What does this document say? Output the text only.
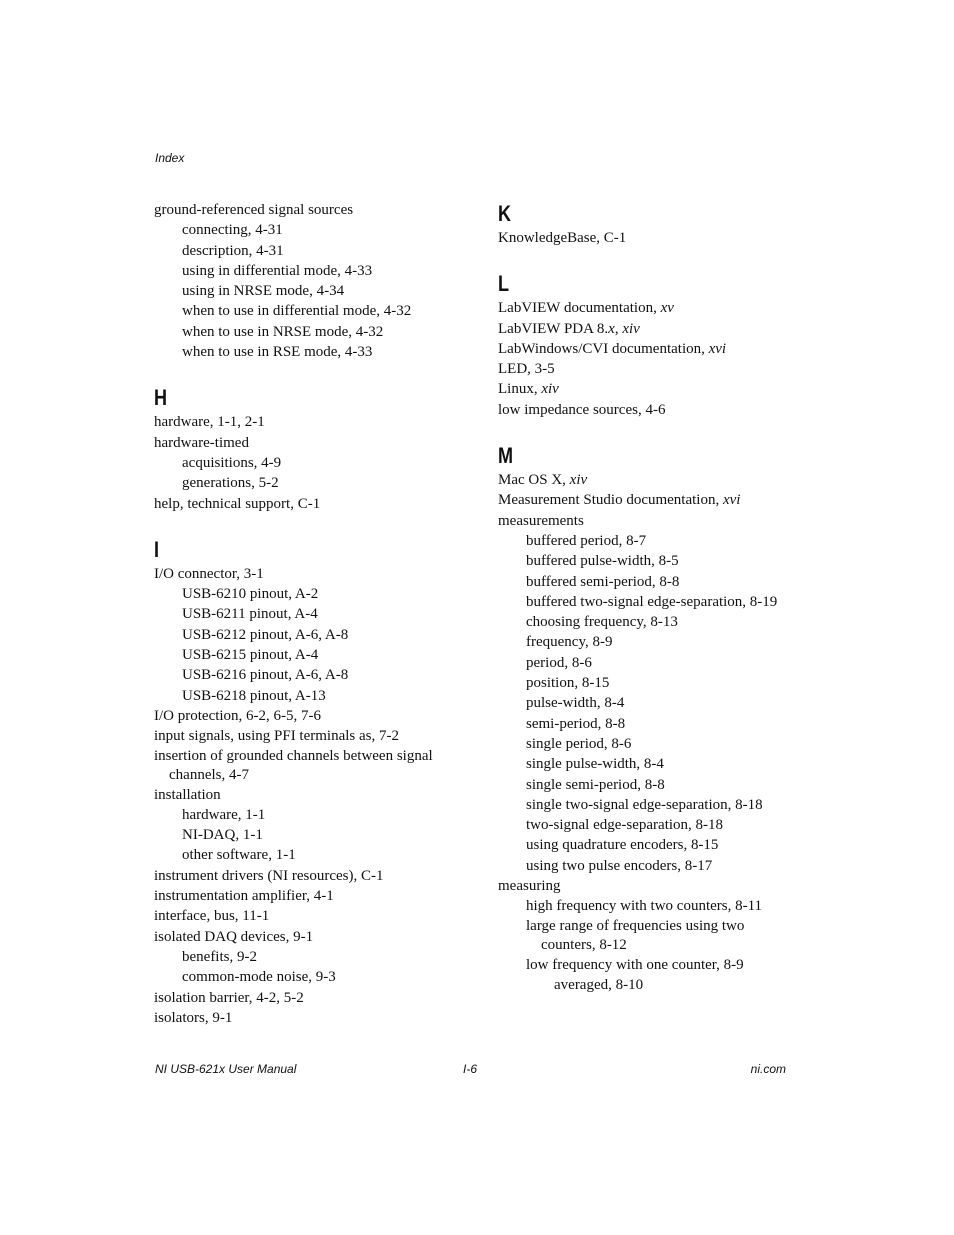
Index
ground-referenced signal sources
connecting, 4-31
description, 4-31
using in differential mode, 4-33
using in NRSE mode, 4-34
when to use in differential mode, 4-32
when to use in NRSE mode, 4-32
when to use in RSE mode, 4-33
H
hardware, 1-1, 2-1
hardware-timed
acquisitions, 4-9
generations, 5-2
help, technical support, C-1
I
I/O connector, 3-1
USB-6210 pinout, A-2
USB-6211 pinout, A-4
USB-6212 pinout, A-6, A-8
USB-6215 pinout, A-4
USB-6216 pinout, A-6, A-8
USB-6218 pinout, A-13
I/O protection, 6-2, 6-5, 7-6
input signals, using PFI terminals as, 7-2
insertion of grounded channels between signal channels, 4-7
installation
hardware, 1-1
NI-DAQ, 1-1
other software, 1-1
instrument drivers (NI resources), C-1
instrumentation amplifier, 4-1
interface, bus, 11-1
isolated DAQ devices, 9-1
benefits, 9-2
common-mode noise, 9-3
isolation barrier, 4-2, 5-2
isolators, 9-1
K
KnowledgeBase, C-1
L
LabVIEW documentation, xv
LabVIEW PDA 8.x, xiv
LabWindows/CVI documentation, xvi
LED, 3-5
Linux, xiv
low impedance sources, 4-6
M
Mac OS X, xiv
Measurement Studio documentation, xvi
measurements
buffered period, 8-7
buffered pulse-width, 8-5
buffered semi-period, 8-8
buffered two-signal edge-separation, 8-19
choosing frequency, 8-13
frequency, 8-9
period, 8-6
position, 8-15
pulse-width, 8-4
semi-period, 8-8
single period, 8-6
single pulse-width, 8-4
single semi-period, 8-8
single two-signal edge-separation, 8-18
two-signal edge-separation, 8-18
using quadrature encoders, 8-15
using two pulse encoders, 8-17
measuring
high frequency with two counters, 8-11
large range of frequencies using two counters, 8-12
low frequency with one counter, 8-9
averaged, 8-10
NI USB-621x User Manual	I-6	ni.com
